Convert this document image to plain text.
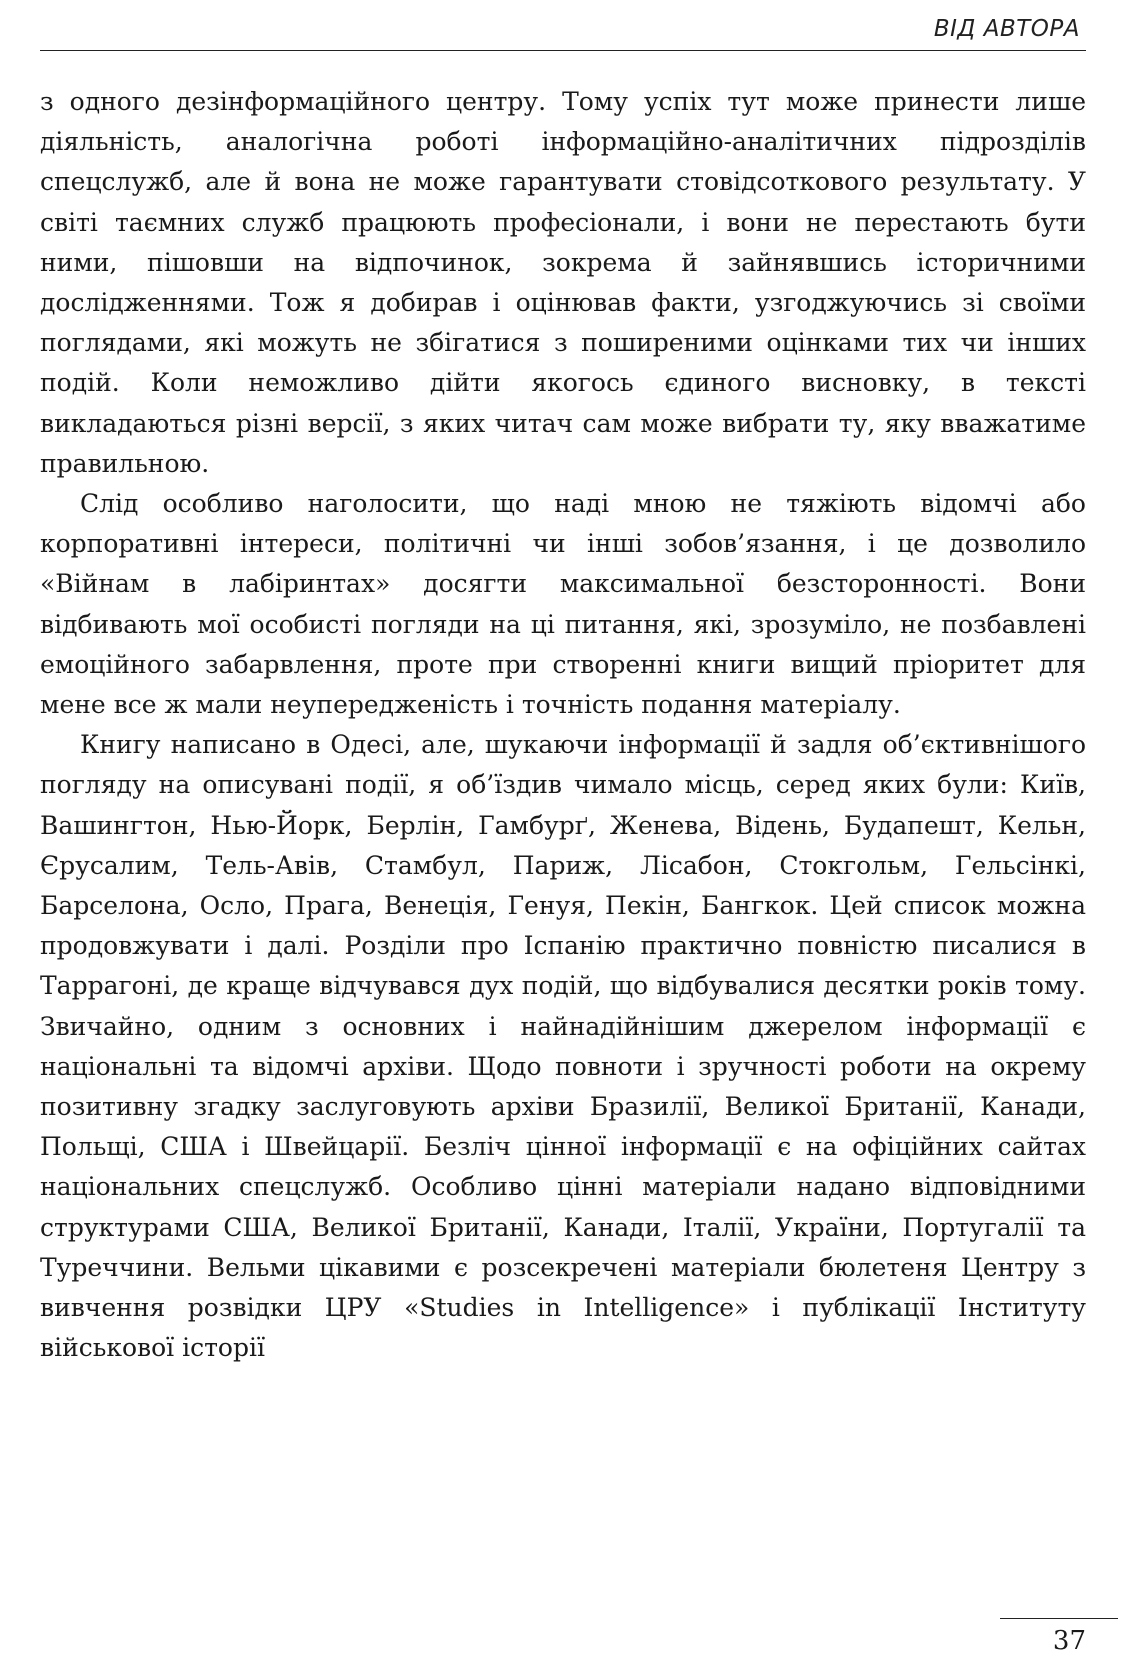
ВІД АВТОРА

з одного дезінформаційного центру. Тому успіх тут може принести лише діяльність, аналогічна роботі інформаційно-аналітичних підрозділів спецслужб, але й вона не може гарантувати стовідсоткового результату. У світі таємних служб працюють професіонали, і вони не перестають бути ними, пішовши на відпочинок, зокрема й зайнявшись історичними дослідженнями. Тож я добирав і оцінював факти, узгоджуючись зі своїми поглядами, які можуть не збігатися з поширеними оцінками тих чи інших подій. Коли неможливо дійти якогось єдиного висновку, в тексті викладаються різні версії, з яких читач сам може вибрати ту, яку вважатиме правильною.

Слід особливо наголосити, що наді мною не тяжіють відомчі або корпоративні інтереси, політичні чи інші зобов’язання, і це дозволило «Війнам в лабіринтах» досягти максимальної безсторонності. Вони відбивають мої особисті погляди на ці питання, які, зрозуміло, не позбавлені емоційного забарвлення, проте при створенні книги вищий пріоритет для мене все ж мали неупередженість і точність подання матеріалу.

Книгу написано в Одесі, але, шукаючи інформації й задля об’єктивнішого погляду на описувані події, я об’їздив чимало місць, серед яких були: Київ, Вашингтон, Нью-Йорк, Берлін, Гамбурґ, Женева, Відень, Будапешт, Кельн, Єрусалим, Тель-Авів, Стамбул, Париж, Лісабон, Стокгольм, Гельсінкі, Барселона, Осло, Прага, Венеція, Генуя, Пекін, Бангкок. Цей список можна продовжувати і далі. Розділи про Іспанію практично повністю писалися в Таррагоні, де краще відчувався дух подій, що відбувалися десятки років тому. Звичайно, одним з основних і найнадійнішим джерелом інформації є національні та відомчі архіви. Щодо повноти і зручності роботи на окрему позитивну згадку заслуговують архіви Бразилії, Великої Британії, Канади, Польщі, США і Швейцарії. Безліч цінної інформації є на офіційних сайтах національних спецслужб. Особливо цінні матеріали надано відповідними структурами США, Великої Британії, Канади, Італії, України, Португалії та Туреччини. Вельми цікавими є розсекречені матеріали бюлетеня Центру з вивчення розвідки ЦРУ «Studies in Intelligence» і публікації Інституту військової історії

37
